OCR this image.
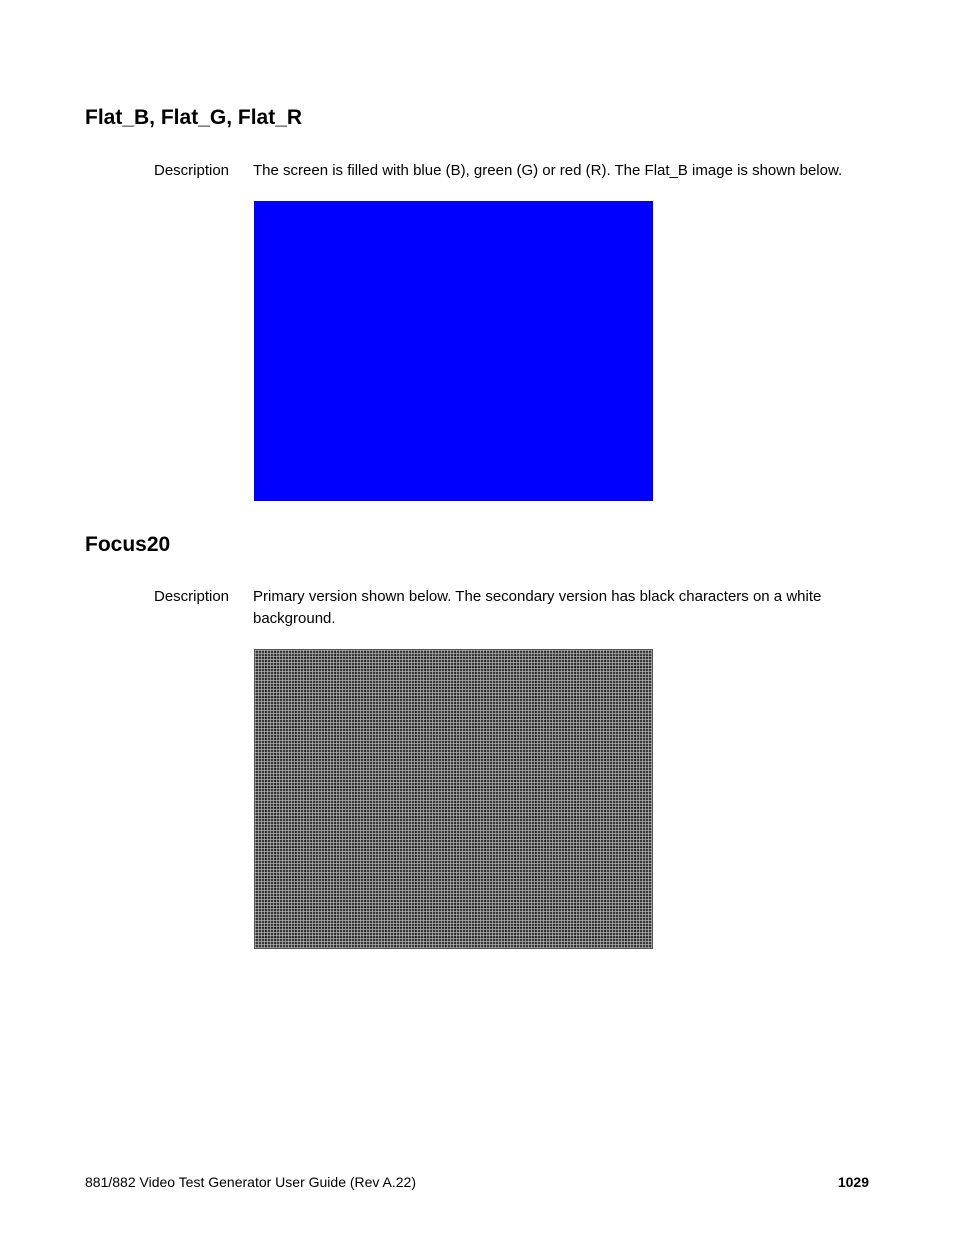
Flat_B, Flat_G, Flat_R
Description The screen is filled with blue (B), green (G) or red (R). The Flat_B image is shown below.
Focus20
Description Primary version shown below. The secondary version has black characters on a white background.
881/882 Video Test Generator User Guide (Rev A.22)	1029
